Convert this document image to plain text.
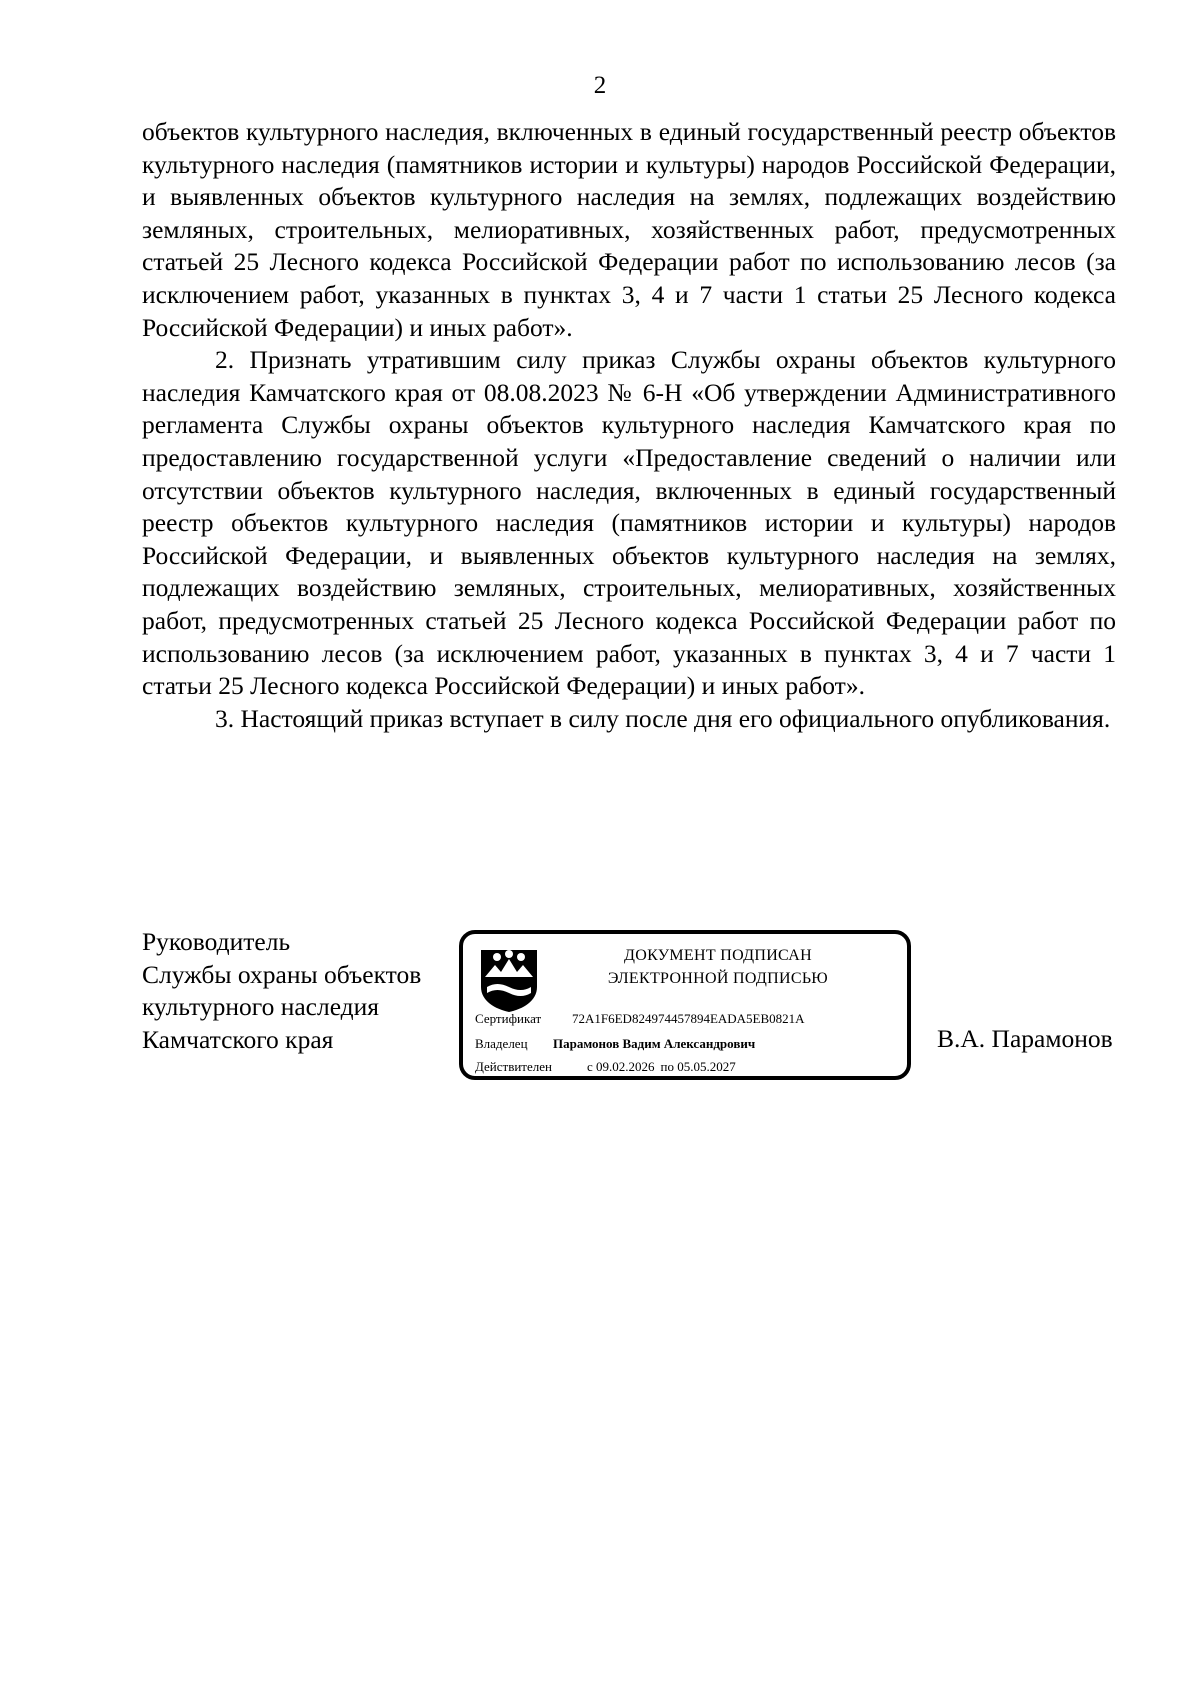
2

объектов культурного наследия, включенных в единый государственный реестр объектов культурного наследия (памятников истории и культуры) народов Российской Федерации, и выявленных объектов культурного наследия на землях, подлежащих воздействию земляных, строительных, мелиоративных, хозяйственных работ, предусмотренных статьей 25 Лесного кодекса Российской Федерации работ по использованию лесов (за исключением работ, указанных в пунктах 3, 4 и 7 части 1 статьи 25 Лесного кодекса Российской Федерации) и иных работ».

2. Признать утратившим силу приказ Службы охраны объектов культурного наследия Камчатского края от 08.08.2023 № 6-Н «Об утверждении Административного регламента Службы охраны объектов культурного наследия Камчатского края по предоставлению государственной услуги «Предоставление сведений о наличии или отсутствии объектов культурного наследия, включенных в единый государственный реестр объектов культурного наследия (памятников истории и культуры) народов Российской Федерации, и выявленных объектов культурного наследия на землях, подлежащих воздействию земляных, строительных, мелиоративных, хозяйственных работ, предусмотренных статьей 25 Лесного кодекса Российской Федерации работ по использованию лесов (за исключением работ, указанных в пунктах 3, 4 и 7 части 1 статьи 25 Лесного кодекса Российской Федерации) и иных работ».

3. Настоящий приказ вступает в силу после дня его официального опубликования.

Руководитель
Службы охраны объектов
культурного наследия
Камчатского края
ДОКУМЕНТ ПОДПИСАН
ЭЛЕКТРОННОЙ ПОДПИСЬЮ
Сертификат 72A1F6ED824974457894EADA5EB0821A
Владелец Парамонов Вадим Александрович
Действителен	с 09.02.2026 по 05.05.2027
В.А. Парамонов
